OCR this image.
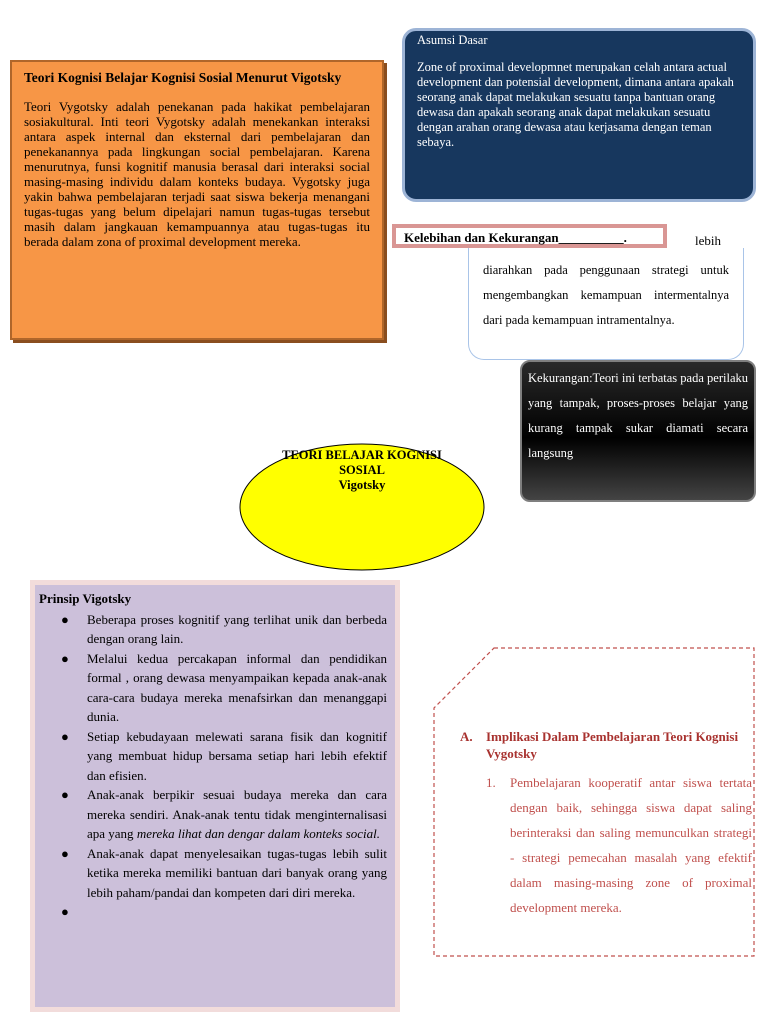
Teori Kognisi Belajar Kognisi Sosial Menurut Vigotsky
Teori Vygotsky adalah penekanan pada hakikat pembelajaran sosiakultural. Inti teori Vygotsky adalah menekankan interaksi antara aspek internal dan eksternal dari pembelajaran dan penekanannya pada lingkungan social pembelajaran. Karena menurutnya, funsi kognitif manusia berasal dari interaksi social masing-masing individu dalam konteks budaya. Vygotsky juga yakin bahwa pembelajaran terjadi saat siswa bekerja menangani tugas-tugas yang belum dipelajari namun tugas-tugas tersebut masih dalam jangkauan kemampuannya atau tugas-tugas itu berada dalam zona of proximal development mereka.
Asumsi Dasar
Zone of proximal developmnet merupakan celah antara actual development dan potensial development, dimana antara apakah seorang anak dapat melakukan sesuatu tanpa bantuan orang dewasa dan apakah seorang anak dapat melakukan sesuatu dengan arahan orang dewasa atau kerjasama dengan teman sebaya.
Kelebihan dan Kekurangan__________.	lebih
diarahkan pada penggunaan strategi untuk mengembangkan kemampuan intermentalnya dari pada kemampuan intramentalnya.
Kekurangan:Teori ini terbatas pada perilaku yang tampak, proses-proses belajar yang kurang tampak sukar diamati secara langsung
TEORI BELAJAR KOGNISI
SOSIAL
Vigotsky
Prinsip Vigotsky
● Beberapa proses kognitif yang terlihat unik dan berbeda dengan orang lain.
● Melalui kedua percakapan informal dan pendidikan formal , orang dewasa menyampaikan kepada anak-anak cara-cara budaya mereka menafsirkan dan menanggapi dunia.
● Setiap kebudayaan melewati sarana fisik dan kognitif yang membuat hidup bersama setiap hari lebih efektif dan efisien.
● Anak-anak berpikir sesuai budaya mereka dan cara mereka sendiri. Anak-anak tentu tidak menginternalisasi apa yang mereka lihat dan dengar dalam konteks social.
● Anak-anak dapat menyelesaikan tugas-tugas lebih sulit ketika mereka memiliki bantuan dari banyak orang yang lebih paham/pandai dan kompeten dari diri mereka.
●

A. Implikasi Dalam Pembelajaran Teori Kognisi Vygotsky
1. Pembelajaran kooperatif antar siswa tertata dengan baik, sehingga siswa dapat saling berinteraksi dan saling memunculkan strategi - strategi pemecahan masalah yang efektif dalam masing-masing zone of proximal development mereka.
